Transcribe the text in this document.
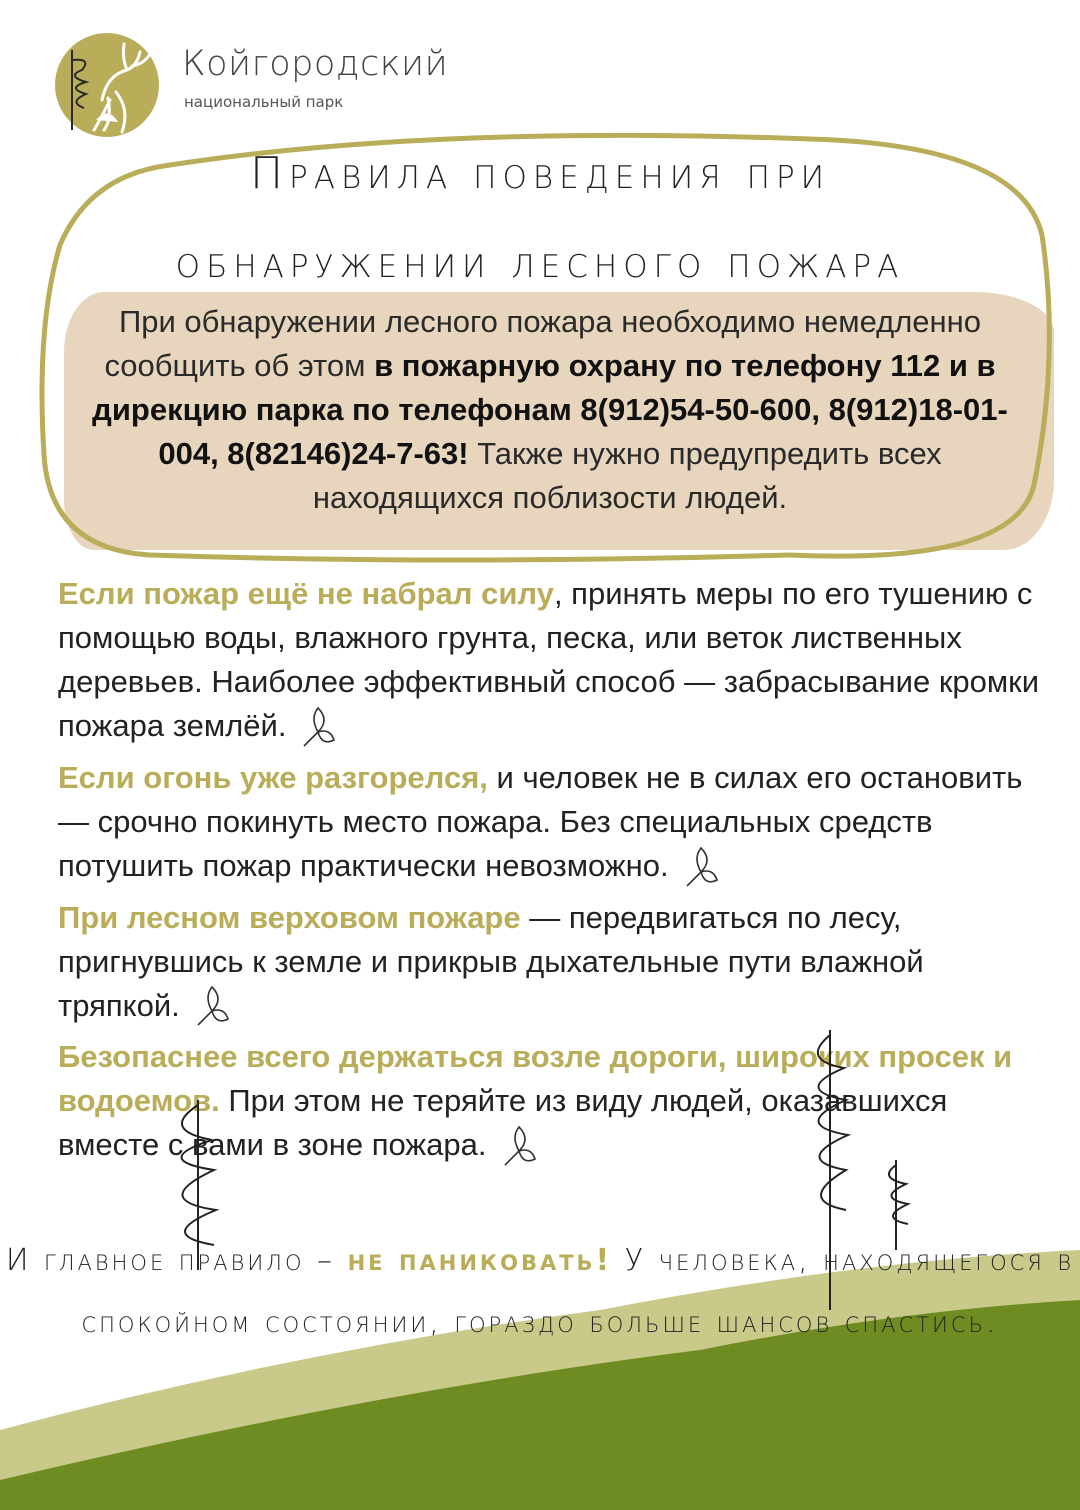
Койгородский
национальный парк
Правила поведения при
обнаружении лесного пожара
При обнаружении лесного пожара необходимо немедленно сообщить об этом в пожарную охрану по телефону 112 и в дирекцию парка по телефонам 8(912)54-50-600, 8(912)18-01-004, 8(82146)24-7-63! Также нужно предупредить всех находящихся поблизости людей.
Если пожар ещё не набрал силу, принять меры по его тушению с помощью воды, влажного грунта, песка, или веток лиственных деревьев. Наиболее эффективный способ — забрасывание кромки пожара землёй.
Если огонь уже разгорелся, и человек не в силах его остановить — срочно покинуть место пожара. Без специальных средств потушить пожар практически невозможно.
При лесном верховом пожаре — передвигаться по лесу, пригнувшись к земле и прикрыв дыхательные пути влажной тряпкой.
Безопаснее всего держаться возле дороги, широких просек и водоемов. При этом не теряйте из виду людей, оказавшихся вместе с вами в зоне пожара.
И главное правило – не паниковать! У человека, находящегося в спокойном состоянии, гораздо больше шансов спастись.
